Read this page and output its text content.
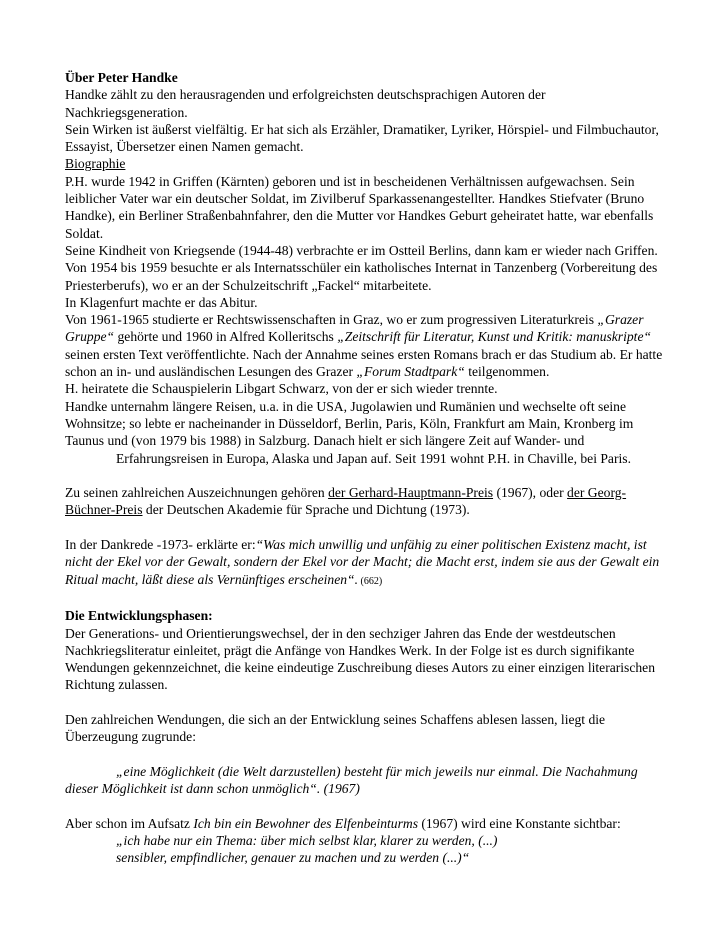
Über Peter Handke

Handke zählt zu den herausragenden und erfolgreichsten deutschsprachigen Autoren der Nachkriegsgeneration.

Sein Wirken ist äußerst vielfältig. Er hat sich als Erzähler, Dramatiker, Lyriker, Hörspiel- und Filmbuchautor, Essayist, Übersetzer einen Namen gemacht.

Biographie

P.H. wurde 1942 in Griffen (Kärnten) geboren und ist in bescheidenen Verhältnissen aufgewachsen. Sein leiblicher Vater war ein deutscher Soldat, im Zivilberuf Sparkassenangestellter. Handkes Stiefvater (Bruno Handke), ein Berliner Straßenbahnfahrer, den die Mutter vor Handkes Geburt geheiratet hatte, war ebenfalls Soldat.

Seine Kindheit von Kriegsende (1944-48) verbrachte er im Ostteil Berlins, dann kam er wieder nach Griffen.

Von 1954 bis 1959 besuchte er als Internatsschüler ein katholisches Internat in Tanzenberg (Vorbereitung des Priesterberufs), wo er an der Schulzeitschrift „Fackel“ mitarbeitete.

In Klagenfurt machte er das Abitur.

Von 1961-1965 studierte er Rechtswissenschaften in Graz, wo er zum progressiven Literaturkreis „Grazer Gruppe“ gehörte und 1960 in Alfred Kolleritschs „Zeitschrift für Literatur, Kunst und Kritik: manuskripte“ seinen ersten Text veröffentlichte. Nach der Annahme seines ersten Romans brach er das Studium ab. Er hatte schon an in- und ausländischen Lesungen des Grazer „Forum Stadtpark“ teilgenommen.

H. heiratete die Schauspielerin Libgart Schwarz, von der er sich wieder trennte.

Handke unternahm längere Reisen, u.a. in die USA, Jugolawien und Rumänien und wechselte oft seine Wohnsitze; so lebte er nacheinander in Düsseldorf, Berlin, Paris, Köln, Frankfurt am Main, Kronberg im Taunus und (von 1979 bis 1988) in Salzburg. Danach hielt er sich längere Zeit auf Wander- und

Erfahrungsreisen in Europa, Alaska und Japan auf. Seit 1991 wohnt P.H. in Chaville, bei Paris.

Zu seinen zahlreichen Auszeichnungen gehören der Gerhard-Hauptmann-Preis (1967), oder der Georg-Büchner-Preis der Deutschen Akademie für Sprache und Dichtung (1973).

In der Dankrede -1973- erklärte er:“Was mich unwillig und unfähig zu einer politischen Existenz macht, ist nicht der Ekel vor der Gewalt, sondern der Ekel vor der Macht; die Macht erst, indem sie aus der Gewalt ein Ritual macht, läßt diese als Vernünftiges erscheinen“. (662)

Die Entwicklungsphasen:

Der Generations- und Orientierungswechsel, der in den sechziger Jahren das Ende der westdeutschen Nachkriegsliteratur einleitet, prägt die Anfänge von Handkes Werk. In der Folge ist es durch signifikante Wendungen gekennzeichnet, die keine eindeutige Zuschreibung dieses Autors zu einer einzigen literarischen Richtung zulassen.

Den zahlreichen Wendungen, die sich an der Entwicklung seines Schaffens ablesen lassen, liegt die Überzeugung zugrunde:

„eine Möglichkeit (die Welt darzustellen) besteht für mich jeweils nur einmal. Die Nachahmung dieser Möglichkeit ist dann schon unmöglich“. (1967)

Aber schon im Aufsatz Ich bin ein Bewohner des Elfenbeinturms (1967) wird eine Konstante sichtbar:

„ich habe nur ein Thema: über mich selbst klar, klarer zu werden, (...)

sensibler, empfindlicher, genauer zu machen und zu werden (...)“
